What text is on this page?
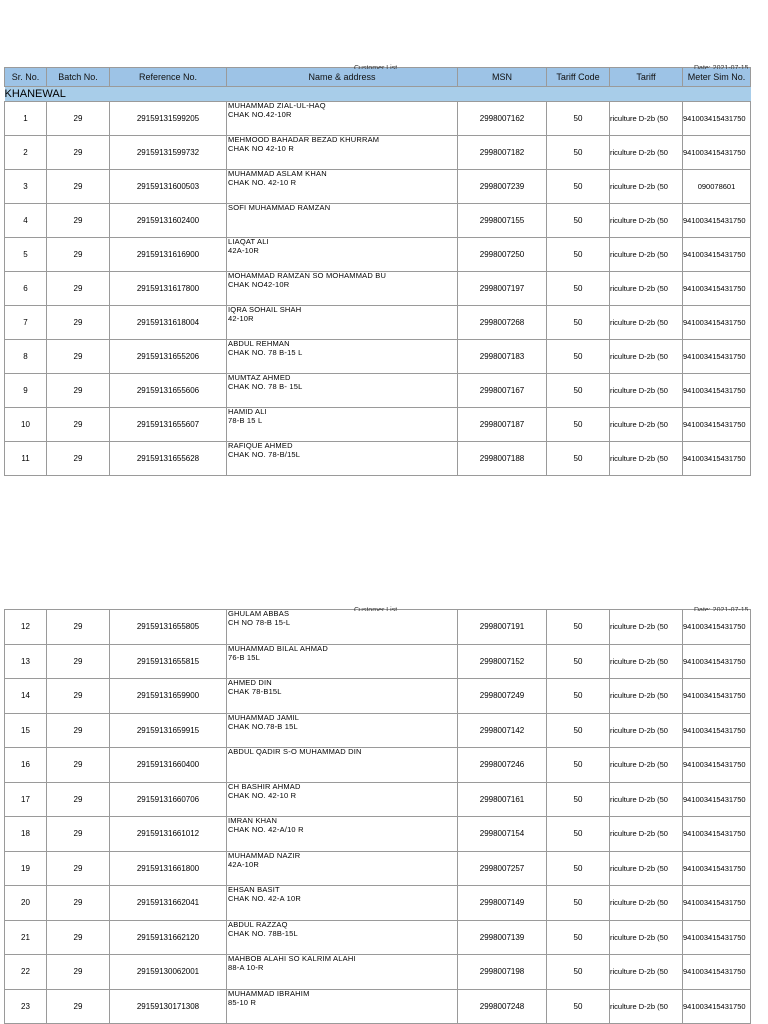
Customer List	Date: 2021-07-15
Sr. No.	Batch No.	Reference No.	Name & address	MSN	Tariff Code	Tariff	Meter Sim No.
KHANEWAL							
1	29	29159131599205	MUHAMMAD ZIAL-UL-HAQ
CHAK NO.42-10R	2998007162	50	riculture D-2b (50	941003415431750
2	29	29159131599732	MEHMOOD BAHADAR BEZAD KHURRAM
CHAK NO 42-10 R	2998007182	50	riculture D-2b (50	941003415431750
3	29	29159131600503	MUHAMMAD ASLAM KHAN
CHAK NO. 42-10 R	2998007239	50	riculture D-2b (50	090078601
4	29	29159131602400	SOFI MUHAMMAD RAMZAN	2998007155	50	riculture D-2b (50	941003415431750
5	29	29159131616900	LIAQAT ALI
42A-10R	2998007250	50	riculture D-2b (50	941003415431750
6	29	29159131617800	MOHAMMAD RAMZAN SO MOHAMMAD BU
CHAK NO42-10R	2998007197	50	riculture D-2b (50	941003415431750
7	29	29159131618004	IQRA SOHAIL SHAH
42-10R	2998007268	50	riculture D-2b (50	941003415431750
8	29	29159131655206	ABDUL REHMAN
CHAK NO. 78 B-15 L	2998007183	50	riculture D-2b (50	941003415431750
9	29	29159131655606	MUMTAZ AHMED
CHAK NO. 78 B- 15L	2998007167	50	riculture D-2b (50	941003415431750
10	29	29159131655607	HAMID ALI
78-B 15 L	2998007187	50	riculture D-2b (50	941003415431750
11	29	29159131655628	RAFIQUE AHMED
CHAK NO. 78-B/15L	2998007188	50	riculture D-2b (50	941003415431750
Customer List	Date: 2021-07-15
12	29	29159131655805	GHULAM ABBAS
CH NO 78-B 15-L	2998007191	50	riculture D-2b (50	941003415431750
13	29	29159131655815	MUHAMMAD BILAL AHMAD
76-B 15L	2998007152	50	riculture D-2b (50	941003415431750
14	29	29159131659900	AHMED DIN
CHAK 78-B15L	2998007249	50	riculture D-2b (50	941003415431750
15	29	29159131659915	MUHAMMAD JAMIL
CHAK NO.78-B 15L	2998007142	50	riculture D-2b (50	941003415431750
16	29	29159131660400	ABDUL QADIR S-O MUHAMMAD DIN	2998007246	50	riculture D-2b (50	941003415431750
17	29	29159131660706	CH BASHIR AHMAD
CHAK NO. 42-10 R	2998007161	50	riculture D-2b (50	941003415431750
18	29	29159131661012	IMRAN KHAN
CHAK NO. 42-A/10 R	2998007154	50	riculture D-2b (50	941003415431750
19	29	29159131661800	MUHAMMAD NAZIR
42A-10R	2998007257	50	riculture D-2b (50	941003415431750
20	29	29159131662041	EHSAN BASIT
CHAK NO. 42-A 10R	2998007149	50	riculture D-2b (50	941003415431750
21	29	29159131662120	ABDUL RAZZAQ
CHAK NO. 78B-15L	2998007139	50	riculture D-2b (50	941003415431750
22	29	29159130062001	MAHBOB ALAHI SO KALRIM ALAHI
88-A 10-R	2998007198	50	riculture D-2b (50	941003415431750
23	29	29159130171308	MUHAMMAD IBRAHIM
85-10 R	2998007248	50	riculture D-2b (50	941003415431750
